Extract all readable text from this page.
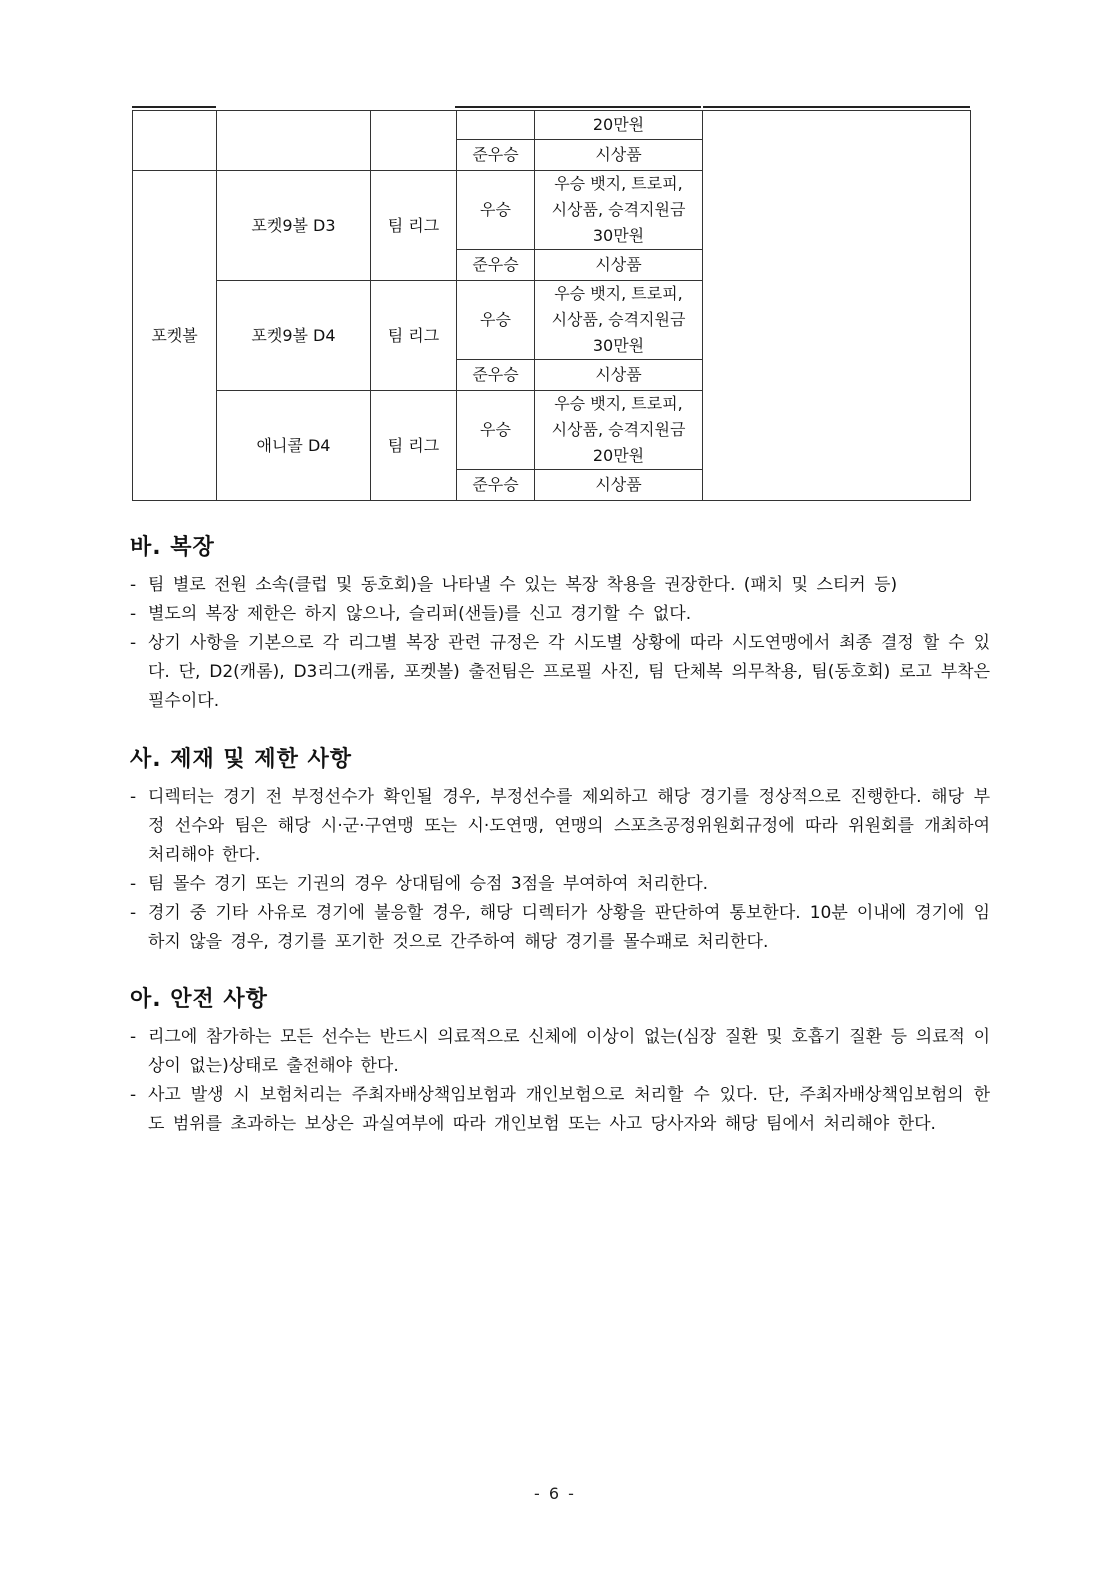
				20만원	
			준우승	시상품	
포켓볼	포켓9볼 D3	팀 리그	우승	우승 뱃지, 트로피,
시상품, 승격지원금
30만원	

			준우승	시상품	
	포켓9볼 D4	팀 리그	우승	우승 뱃지, 트로피,
시상품, 승격지원금
30만원	

			준우승	시상품	
	애니콜 D4	팀 리그	우승	우승 뱃지, 트로피,
시상품, 승격지원금
20만원	

			준우승	시상품	
바. 복장
- 팀 별로 전원 소속(클럽 및 동호회)을 나타낼 수 있는 복장 착용을 권장한다. (패치 및 스티커 등)
- 별도의 복장 제한은 하지 않으나, 슬리퍼(샌들)를 신고 경기할 수 없다.
- 상기 사항을 기본으로 각 리그별 복장 관련 규정은 각 시도별 상황에 따라 시도연맹에서 최종 결정 할 수 있다. 단, D2(캐롬), D3리그(캐롬, 포켓볼) 출전팀은 프로필 사진, 팀 단체복 의무착용, 팀(동호회) 로고 부착은 필수이다.
사. 제재 및 제한 사항
- 디렉터는 경기 전 부정선수가 확인될 경우, 부정선수를 제외하고 해당 경기를 정상적으로 진행한다. 해당 부정 선수와 팀은 해당 시·군·구연맹 또는 시·도연맹, 연맹의 스포츠공정위원회규정에 따라 위원회를 개최하여 처리해야 한다.
- 팀 몰수 경기 또는 기권의 경우 상대팀에 승점 3점을 부여하여 처리한다.
- 경기 중 기타 사유로 경기에 불응할 경우, 해당 디렉터가 상황을 판단하여 통보한다. 10분 이내에 경기에 임하지 않을 경우, 경기를 포기한 것으로 간주하여 해당 경기를 몰수패로 처리한다.
아. 안전 사항
- 리그에 참가하는 모든 선수는 반드시 의료적으로 신체에 이상이 없는(심장 질환 및 호흡기 질환 등 의료적 이상이 없는)상태로 출전해야 한다.
- 사고 발생 시 보험처리는 주최자배상책임보험과 개인보험으로 처리할 수 있다. 단, 주최자배상책임보험의 한도 범위를 초과하는 보상은 과실여부에 따라 개인보험 또는 사고 당사자와 해당 팀에서 처리해야 한다.
- 6 -
